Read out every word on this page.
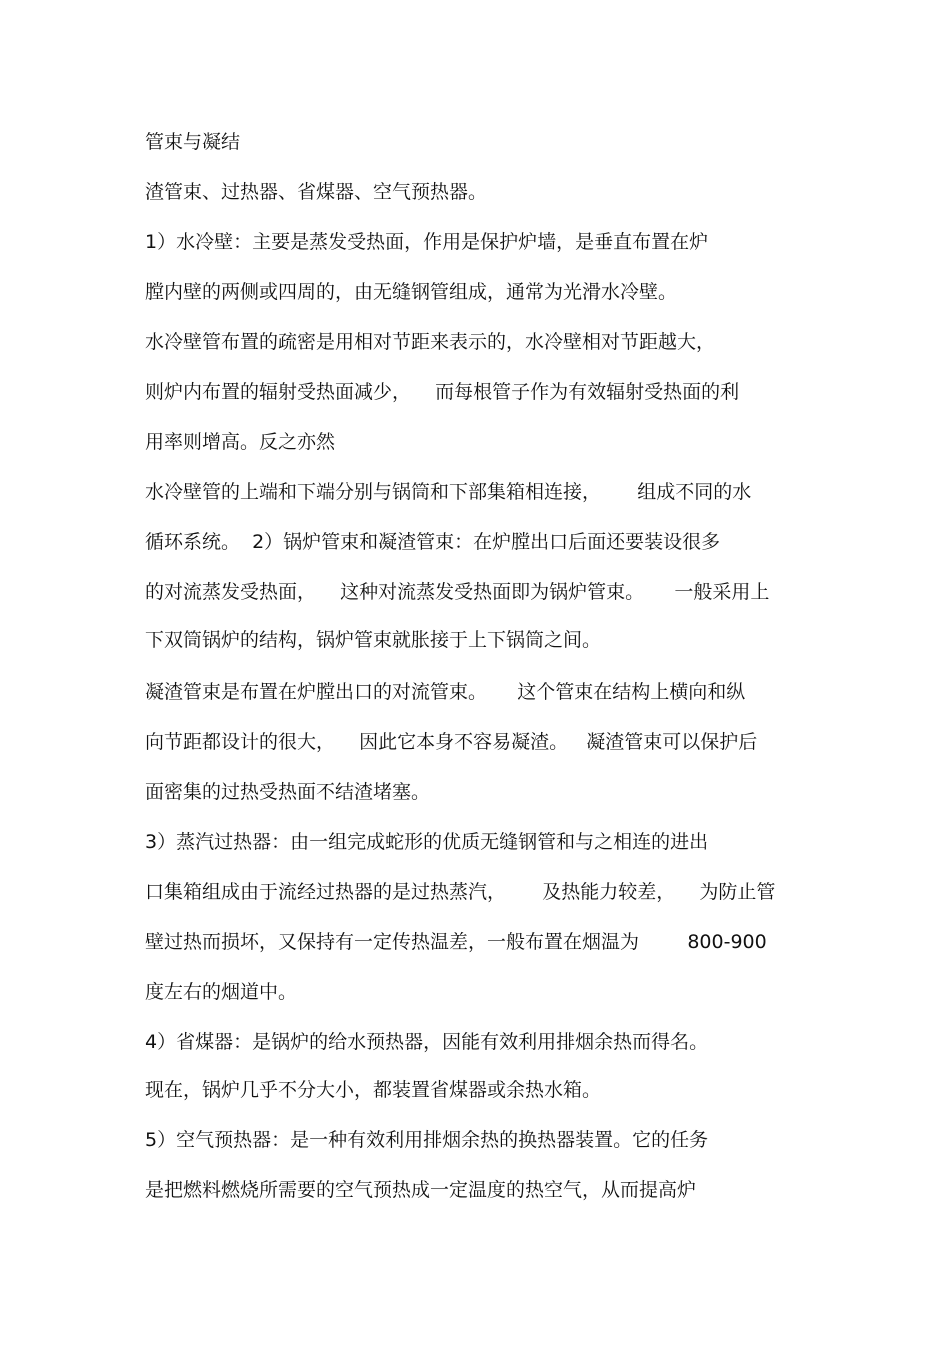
管束与凝结

渣管束、过热器、省煤器、空气预热器。

1）水冷壁：主要是蒸发受热面，作用是保护炉墙，是垂直布置在炉

膛内壁的两侧或四周的，由无缝钢管组成，通常为光滑水冷壁。

水冷壁管布置的疏密是用相对节距来表示的，水冷壁相对节距越大，

则炉内布置的辐射受热面减少，    而每根管子作为有效辐射受热面的利

用率则增高。反之亦然

水冷壁管的上端和下端分别与锅筒和下部集箱相连接，      组成不同的水

循环系统。  2）锅炉管束和凝渣管束：在炉膛出口后面还要装设很多

的对流蒸发受热面，    这种对流蒸发受热面即为锅炉管束。     一般采用上

下双筒锅炉的结构，锅炉管束就胀接于上下锅筒之间。

凝渣管束是布置在炉膛出口的对流管束。     这个管束在结构上横向和纵

向节距都设计的很大，    因此它本身不容易凝渣。   凝渣管束可以保护后

面密集的过热受热面不结渣堵塞。

3）蒸汽过热器：由一组完成蛇形的优质无缝钢管和与之相连的进出

口集箱组成由于流经过热器的是过热蒸汽，      及热能力较差，    为防止管

壁过热而损坏，又保持有一定传热温差，一般布置在烟温为        800-900

度左右的烟道中。

4）省煤器：是锅炉的给水预热器，因能有效利用排烟余热而得名。

现在，锅炉几乎不分大小，都装置省煤器或余热水箱。

5）空气预热器：是一种有效利用排烟余热的换热器装置。它的任务

是把燃料燃烧所需要的空气预热成一定温度的热空气，从而提高炉
